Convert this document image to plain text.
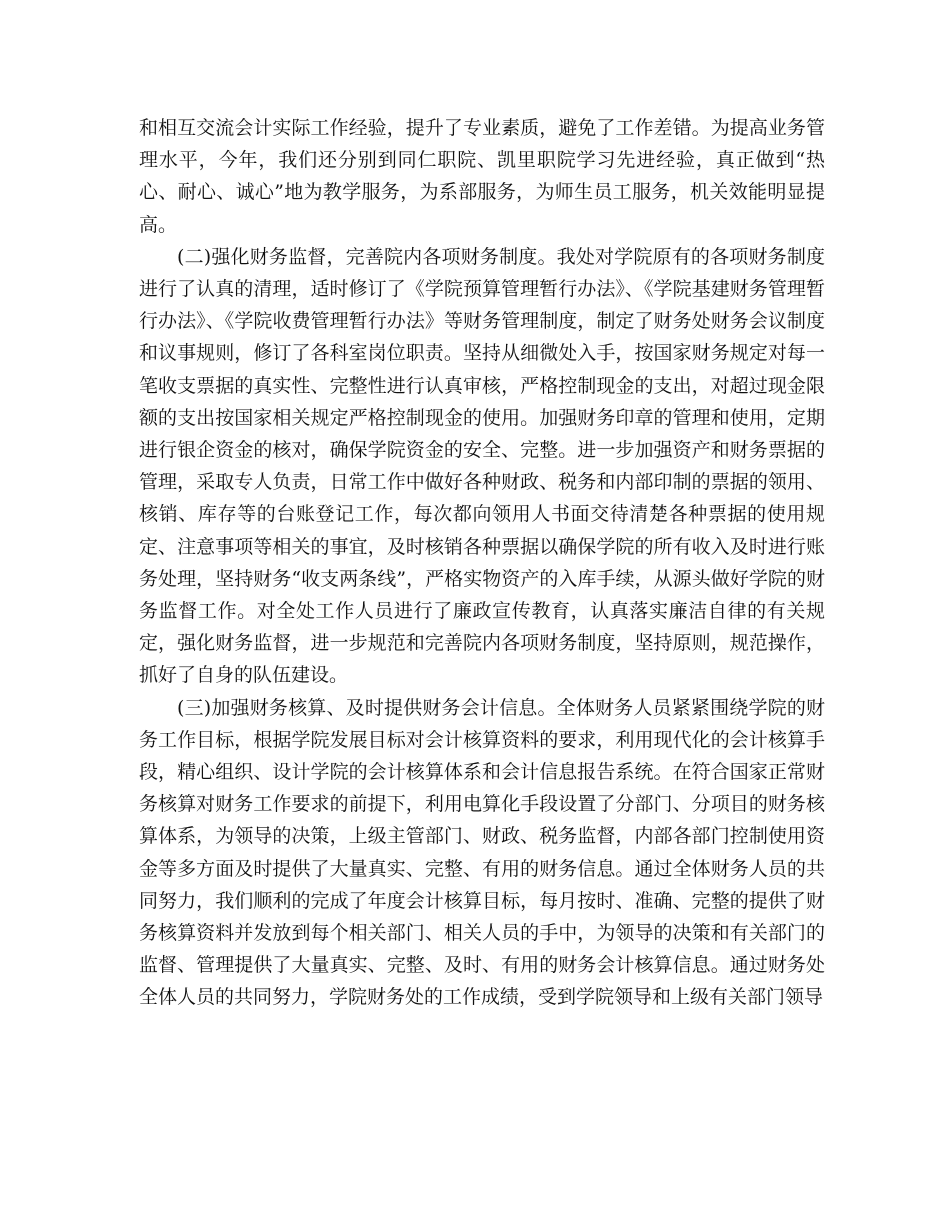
和相互交流会计实际工作经验，提升了专业素质，避免了工作差错。为提高业务管理水平，今年，我们还分别到同仁职院、凯里职院学习先进经验，真正做到“热心、耐心、诚心”地为教学服务，为系部服务，为师生员工服务，机关效能明显提高。

(二)强化财务监督，完善院内各项财务制度。我处对学院原有的各项财务制度进行了认真的清理，适时修订了《学院预算管理暂行办法》、《学院基建财务管理暂行办法》、《学院收费管理暂行办法》等财务管理制度，制定了财务处财务会议制度和议事规则，修订了各科室岗位职责。坚持从细微处入手，按国家财务规定对每一笔收支票据的真实性、完整性进行认真审核，严格控制现金的支出，对超过现金限额的支出按国家相关规定严格控制现金的使用。加强财务印章的管理和使用，定期进行银企资金的核对，确保学院资金的安全、完整。进一步加强资产和财务票据的管理，采取专人负责，日常工作中做好各种财政、税务和内部印制的票据的领用、核销、库存等的台账登记工作，每次都向领用人书面交待清楚各种票据的使用规定、注意事项等相关的事宜，及时核销各种票据以确保学院的所有收入及时进行账务处理，坚持财务“收支两条线”，严格实物资产的入库手续，从源头做好学院的财务监督工作。对全处工作人员进行了廉政宣传教育，认真落实廉洁自律的有关规定，强化财务监督，进一步规范和完善院内各项财务制度，坚持原则，规范操作，抓好了自身的队伍建设。

(三)加强财务核算、及时提供财务会计信息。全体财务人员紧紧围绕学院的财务工作目标，根据学院发展目标对会计核算资料的要求，利用现代化的会计核算手段，精心组织、设计学院的会计核算体系和会计信息报告系统。在符合国家正常财务核算对财务工作要求的前提下，利用电算化手段设置了分部门、分项目的财务核算体系，为领导的决策，上级主管部门、财政、税务监督，内部各部门控制使用资金等多方面及时提供了大量真实、完整、有用的财务信息。通过全体财务人员的共同努力，我们顺利的完成了年度会计核算目标，每月按时、准确、完整的提供了财务核算资料并发放到每个相关部门、相关人员的手中，为领导的决策和有关部门的监督、管理提供了大量真实、完整、及时、有用的财务会计核算信息。通过财务处全体人员的共同努力，学院财务处的工作成绩，受到学院领导和上级有关部门领导
